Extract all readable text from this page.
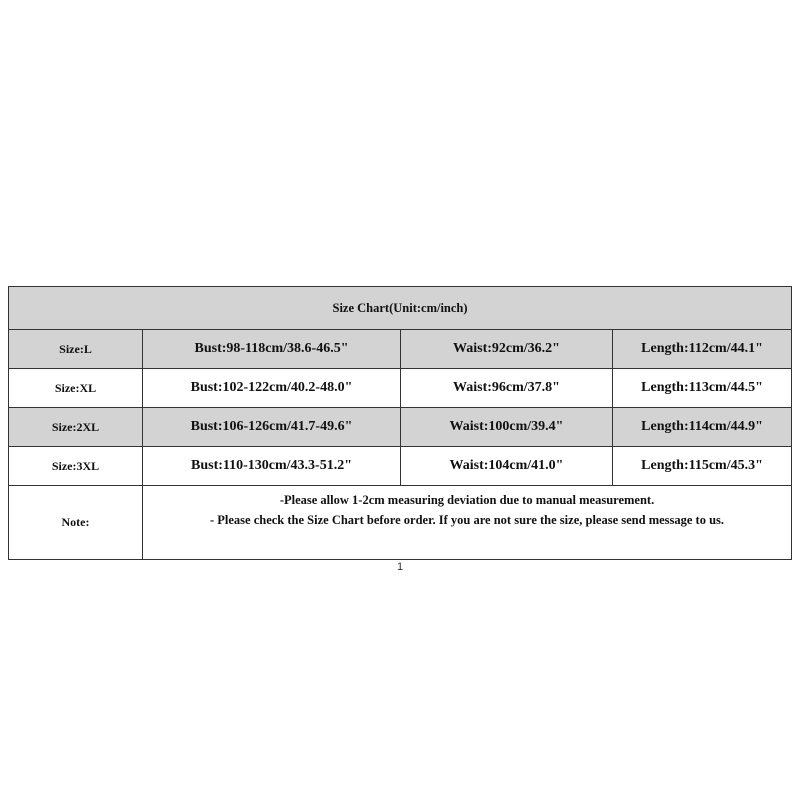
Size Chart(Unit:cm/inch)			
Size:L	Bust:98-118cm/38.6-46.5"	Waist:92cm/36.2"	Length:112cm/44.1"
Size:XL	Bust:102-122cm/40.2-48.0"	Waist:96cm/37.8"	Length:113cm/44.5"
Size:2XL	Bust:106-126cm/41.7-49.6"	Waist:100cm/39.4"	Length:114cm/44.9"
Size:3XL	Bust:110-130cm/43.3-51.2"	Waist:104cm/41.0"	Length:115cm/45.3"
Note:	-Please allow 1-2cm measuring deviation due to manual measurement.
- Please check the Size Chart before order. If you are not sure the size, please send message to us.		
1
